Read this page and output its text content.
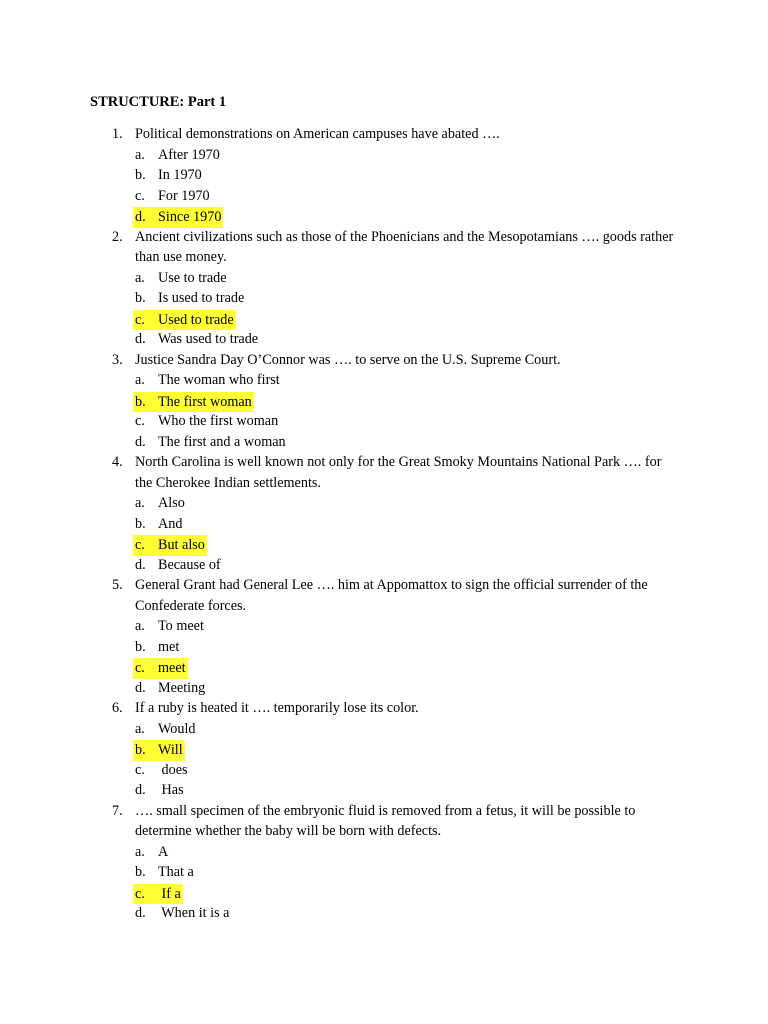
STRUCTURE: Part 1
1. Political demonstrations on American campuses have abated ….
a. After 1970
b. In 1970
c. For 1970
d. Since 1970
2. Ancient civilizations such as those of the Phoenicians and the Mesopotamians …. goods rather than use money.
a. Use to trade
b. Is used to trade
c. Used to trade
d. Was used to trade
3. Justice Sandra Day O’Connor was …. to serve on the U.S. Supreme Court.
a. The woman who first
b. The first woman
c. Who the first woman
d. The first and a woman
4. North Carolina is well known not only for the Great Smoky Mountains National Park …. for the Cherokee Indian settlements.
a. Also
b. And
c. But also
d. Because of
5. General Grant had General Lee …. him at Appomattox to sign the official surrender of the Confederate forces.
a. To meet
b. met
c. meet
d. Meeting
6. If a ruby is heated it …. temporarily lose its color.
a. Would
b. Will
c. does
d. Has
7. …. small specimen of the embryonic fluid is removed from a fetus, it will be possible to determine whether the baby will be born with defects.
a. A
b. That a
c. If a
d. When it is a
